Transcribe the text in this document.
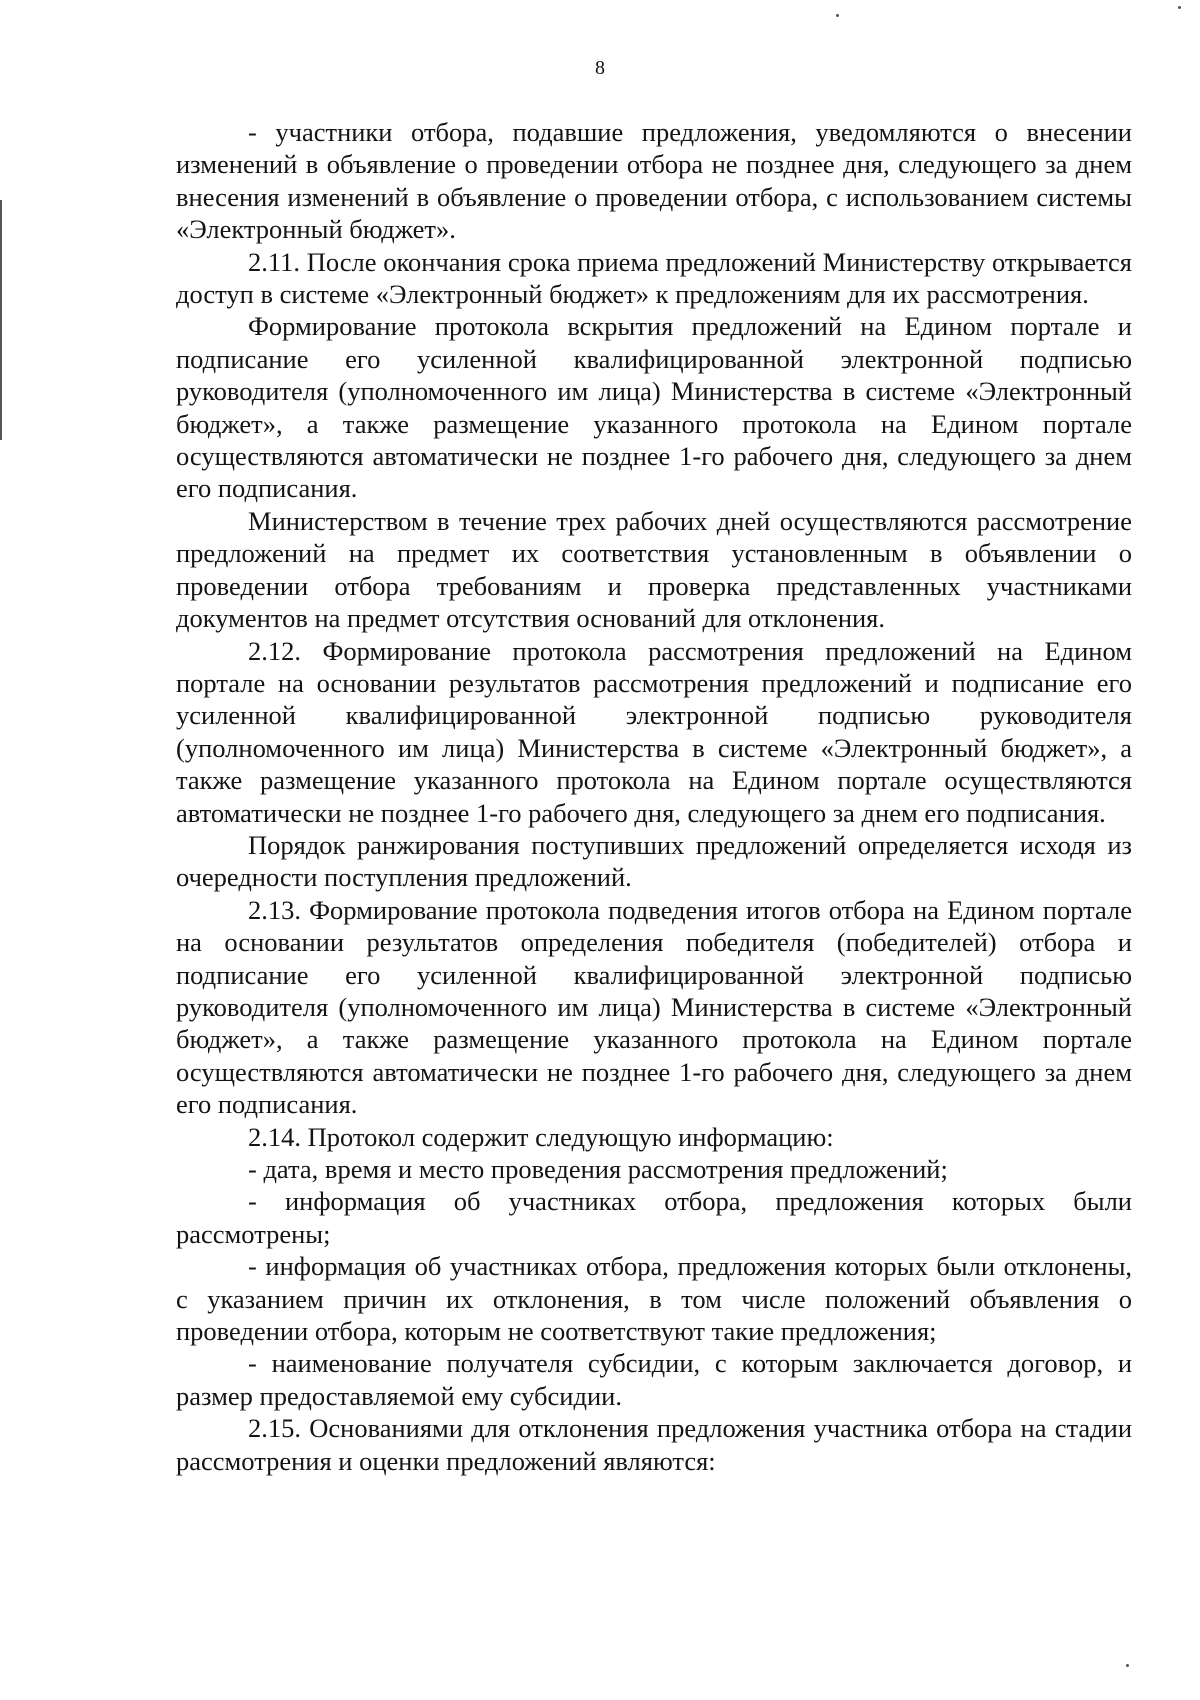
8

- участники отбора, подавшие предложения, уведомляются о внесении изменений в объявление о проведении отбора не позднее дня, следующего за днем внесения изменений в объявление о проведении отбора, с использованием системы «Электронный бюджет».

2.11. После окончания срока приема предложений Министерству открывается доступ в системе «Электронный бюджет» к предложениям для их рассмотрения.

Формирование протокола вскрытия предложений на Едином портале и подписание его усиленной квалифицированной электронной подписью руководителя (уполномоченного им лица) Министерства в системе «Электронный бюджет», а также размещение указанного протокола на Едином портале осуществляются автоматически не позднее 1-го рабочего дня, следующего за днем его подписания.

Министерством в течение трех рабочих дней осуществляются рассмотрение предложений на предмет их соответствия установленным в объявлении о проведении отбора требованиям и проверка представленных участниками документов на предмет отсутствия оснований для отклонения.

2.12. Формирование протокола рассмотрения предложений на Едином портале на основании результатов рассмотрения предложений и подписание его усиленной квалифицированной электронной подписью руководителя (уполномоченного им лица) Министерства в системе «Электронный бюджет», а также размещение указанного протокола на Едином портале осуществляются автоматически не позднее 1-го рабочего дня, следующего за днем его подписания.

Порядок ранжирования поступивших предложений определяется исходя из очередности поступления предложений.

2.13. Формирование протокола подведения итогов отбора на Едином портале на основании результатов определения победителя (победителей) отбора и подписание его усиленной квалифицированной электронной подписью руководителя (уполномоченного им лица) Министерства в системе «Электронный бюджет», а также размещение указанного протокола на Едином портале осуществляются автоматически не позднее 1-го рабочего дня, следующего за днем его подписания.

2.14. Протокол содержит следующую информацию:

- дата, время и место проведения рассмотрения предложений;

- информация об участниках отбора, предложения которых были рассмотрены;

- информация об участниках отбора, предложения которых были отклонены, с указанием причин их отклонения, в том числе положений объявления о проведении отбора, которым не соответствуют такие предложения;

- наименование получателя субсидии, с которым заключается договор, и размер предоставляемой ему субсидии.

2.15. Основаниями для отклонения предложения участника отбора на стадии рассмотрения и оценки предложений являются:
